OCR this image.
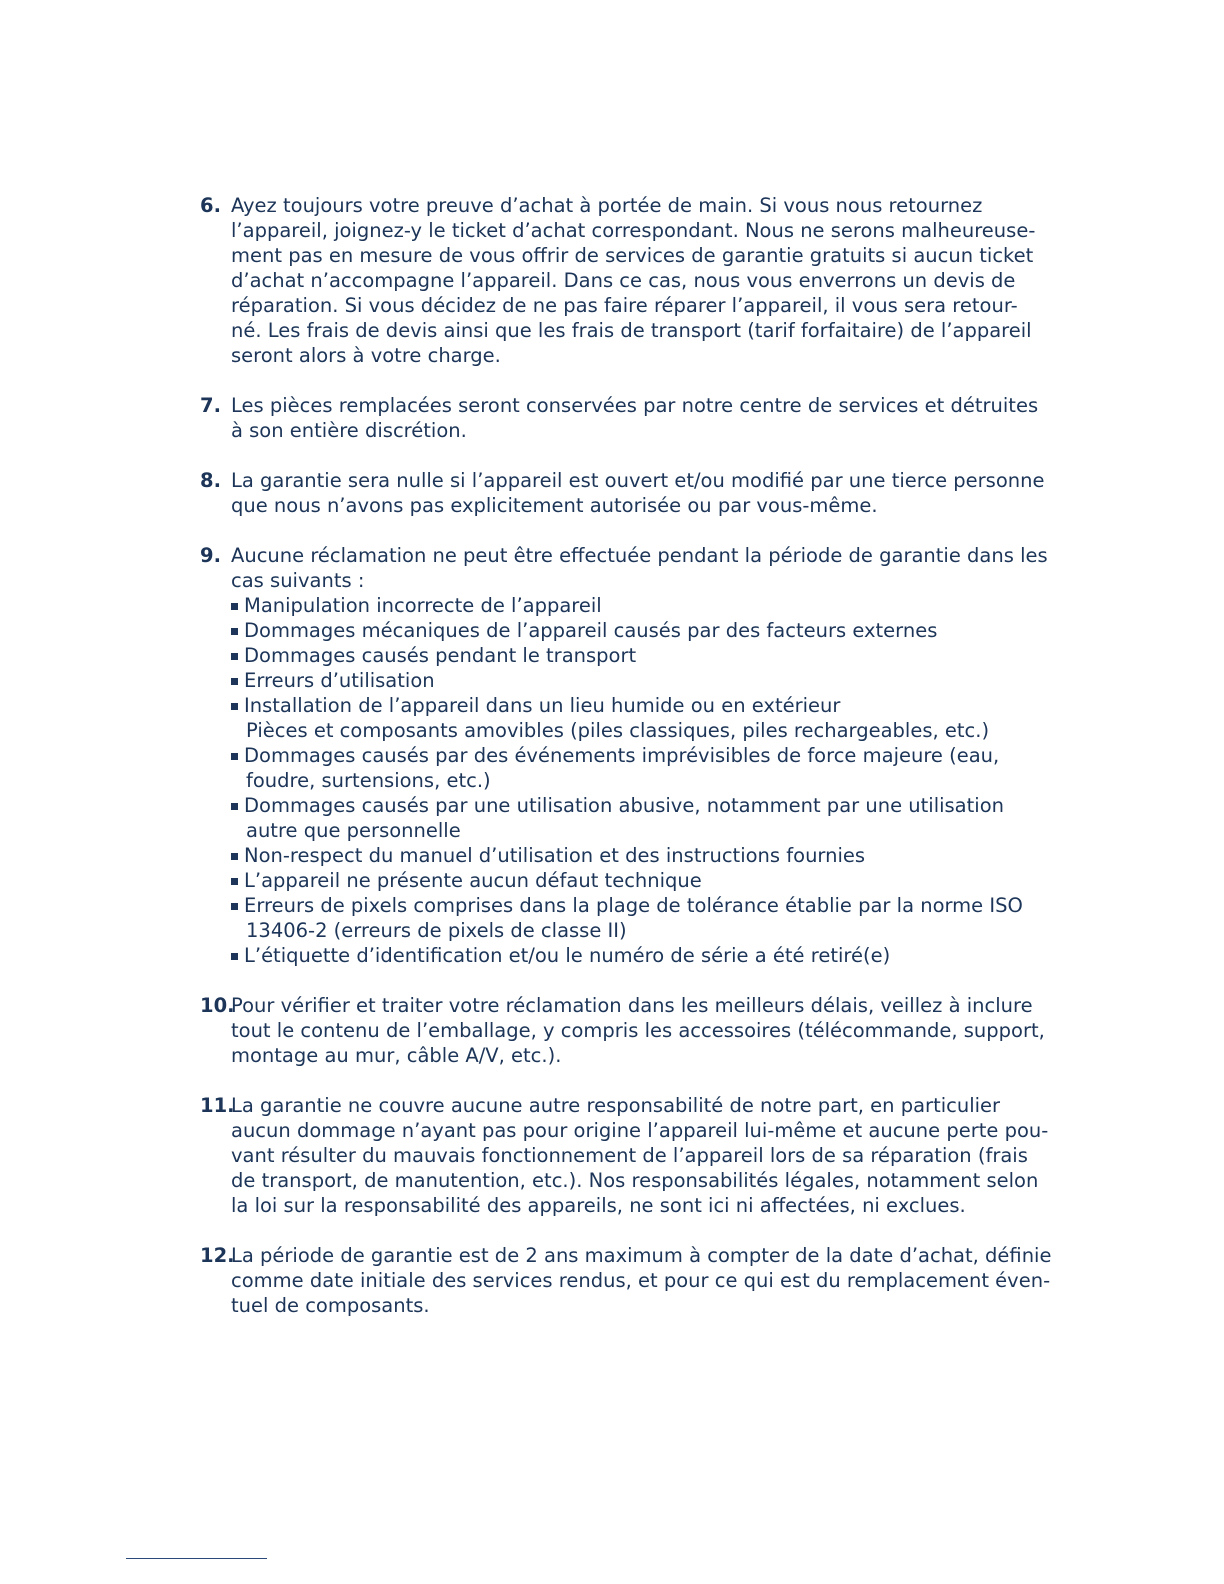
6. Ayez toujours votre preuve d’achat à portée de main. Si vous nous retournez
l’appareil, joignez-y le ticket d’achat correspondant. Nous ne serons malheureuse-
ment pas en mesure de vous offrir de services de garantie gratuits si aucun ticket
d’achat n’accompagne l’appareil. Dans ce cas, nous vous enverrons un devis de
réparation. Si vous décidez de ne pas faire réparer l’appareil, il vous sera retour-
né. Les frais de devis ainsi que les frais de transport (tarif forfaitaire) de l’appareil
seront alors à votre charge.
7. Les pièces remplacées seront conservées par notre centre de services et détruites
à son entière discrétion.
8. La garantie sera nulle si l’appareil est ouvert et/ou modifié par une tierce personne
que nous n’avons pas explicitement autorisée ou par vous-même.
9. Aucune réclamation ne peut être effectuée pendant la période de garantie dans les
cas suivants :
Manipulation incorrecte de l’appareil
Dommages mécaniques de l’appareil causés par des facteurs externes
Dommages causés pendant le transport
Erreurs d’utilisation
Installation de l’appareil dans un lieu humide ou en extérieur
Pièces et composants amovibles (piles classiques, piles rechargeables, etc.)
Dommages causés par des événements imprévisibles de force majeure (eau,
foudre, surtensions, etc.)
Dommages causés par une utilisation abusive, notamment par une utilisation
autre que personnelle
Non-respect du manuel d’utilisation et des instructions fournies
L’appareil ne présente aucun défaut technique
Erreurs de pixels comprises dans la plage de tolérance établie par la norme ISO
13406-2 (erreurs de pixels de classe II)
L’étiquette d’identification et/ou le numéro de série a été retiré(e)
10.
Pour vérifier et traiter votre réclamation dans les meilleurs délais, veillez à inclure
tout le contenu de l’emballage, y compris les accessoires (télécommande, support,
montage au mur, câble A/V, etc.).
11.
La garantie ne couvre aucune autre responsabilité de notre part, en particulier
aucun dommage n’ayant pas pour origine l’appareil lui-même et aucune perte pou-
vant résulter du mauvais fonctionnement de l’appareil lors de sa réparation (frais
de transport, de manutention, etc.). Nos responsabilités légales, notamment selon
la loi sur la responsabilité des appareils, ne sont ici ni affectées, ni exclues.
12.
La période de garantie est de 2 ans maximum à compter de la date d’achat, définie
comme date initiale des services rendus, et pour ce qui est du remplacement éven-
tuel de composants.
